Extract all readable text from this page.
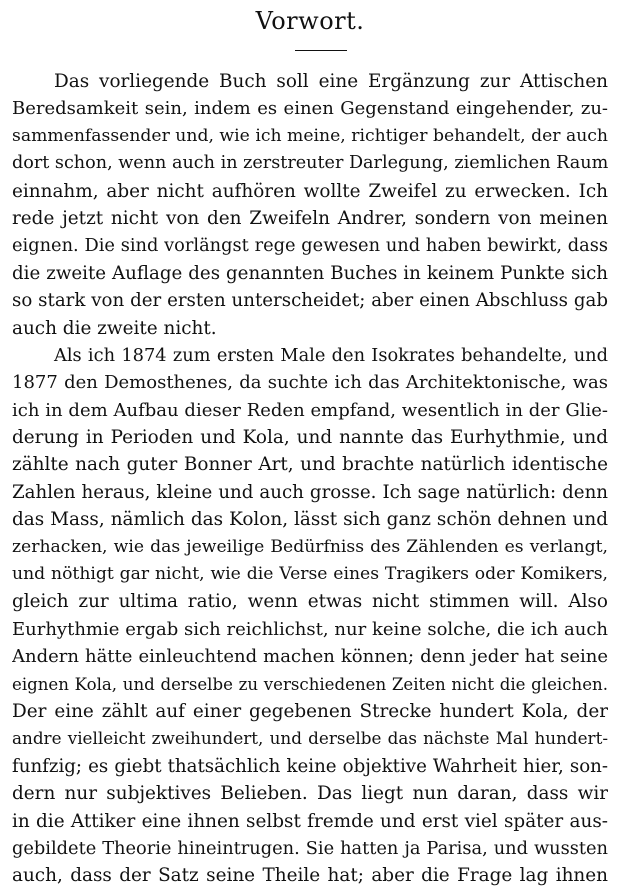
Vorwort.
Das vorliegende Buch soll eine Ergänzung zur Attischen
Beredsamkeit sein, indem es einen Gegenstand eingehender, zu-
sammenfassender und, wie ich meine, richtiger behandelt, der auch
dort schon, wenn auch in zerstreuter Darlegung, ziemlichen Raum
einnahm, aber nicht aufhören wollte Zweifel zu erwecken. Ich
rede jetzt nicht von den Zweifeln Andrer, sondern von meinen
eignen. Die sind vorlängst rege gewesen und haben bewirkt, dass
die zweite Auflage des genannten Buches in keinem Punkte sich
so stark von der ersten unterscheidet; aber einen Abschluss gab
auch die zweite nicht.
Als ich 1874 zum ersten Male den Isokrates behandelte, und
1877 den Demosthenes, da suchte ich das Architektonische, was
ich in dem Aufbau dieser Reden empfand, wesentlich in der Glie-
derung in Perioden und Kola, und nannte das Eurhythmie, und
zählte nach guter Bonner Art, und brachte natürlich identische
Zahlen heraus, kleine und auch grosse. Ich sage natürlich: denn
das Mass, nämlich das Kolon, lässt sich ganz schön dehnen und
zerhacken, wie das jeweilige Bedürfniss des Zählenden es verlangt,
und nöthigt gar nicht, wie die Verse eines Tragikers oder Komikers,
gleich zur ultima ratio, wenn etwas nicht stimmen will. Also
Eurhythmie ergab sich reichlichst, nur keine solche, die ich auch
Andern hätte einleuchtend machen können; denn jeder hat seine
eignen Kola, und derselbe zu verschiedenen Zeiten nicht die gleichen.
Der eine zählt auf einer gegebenen Strecke hundert Kola, der
andre vielleicht zweihundert, und derselbe das nächste Mal hundert-
funfzig; es giebt thatsächlich keine objektive Wahrheit hier, son-
dern nur subjektives Belieben. Das liegt nun daran, dass wir
in die Attiker eine ihnen selbst fremde und erst viel später aus-
gebildete Theorie hineintrugen. Sie hatten ja Parisa, und wussten
auch, dass der Satz seine Theile hat; aber die Frage lag ihnen
